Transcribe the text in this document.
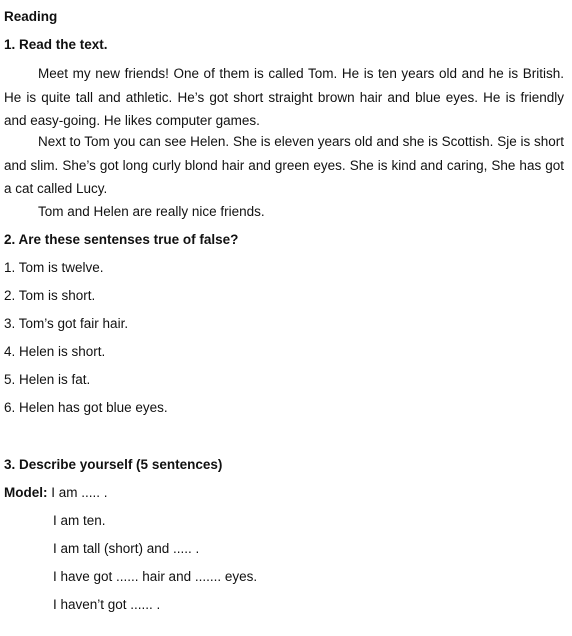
Reading
1. Read the text.
Meet my new friends! One of them is called Tom. He is ten years old and he is British. He is quite tall and athletic. He’s got short straight brown hair and blue eyes. He is friendly and easy-going. He likes computer games.
Next to Tom you can see Helen. She is eleven years old and she is Scottish. Sje is short and slim. She’s got long curly blond hair and green eyes. She is kind and caring, She has got a cat called Lucy.
Tom and Helen are really nice friends.
2. Are these sentenses true of false?
1. Tom is twelve.
2. Tom is short.
3. Tom’s got fair hair.
4. Helen is short.
5. Helen is fat.
6. Helen has got blue eyes.
3. Describe yourself (5 sentences)
Model: I am ..... .
I am ten.
I am tall (short) and ..... .
I have got ...... hair and ....... eyes.
I haven’t got ...... .
